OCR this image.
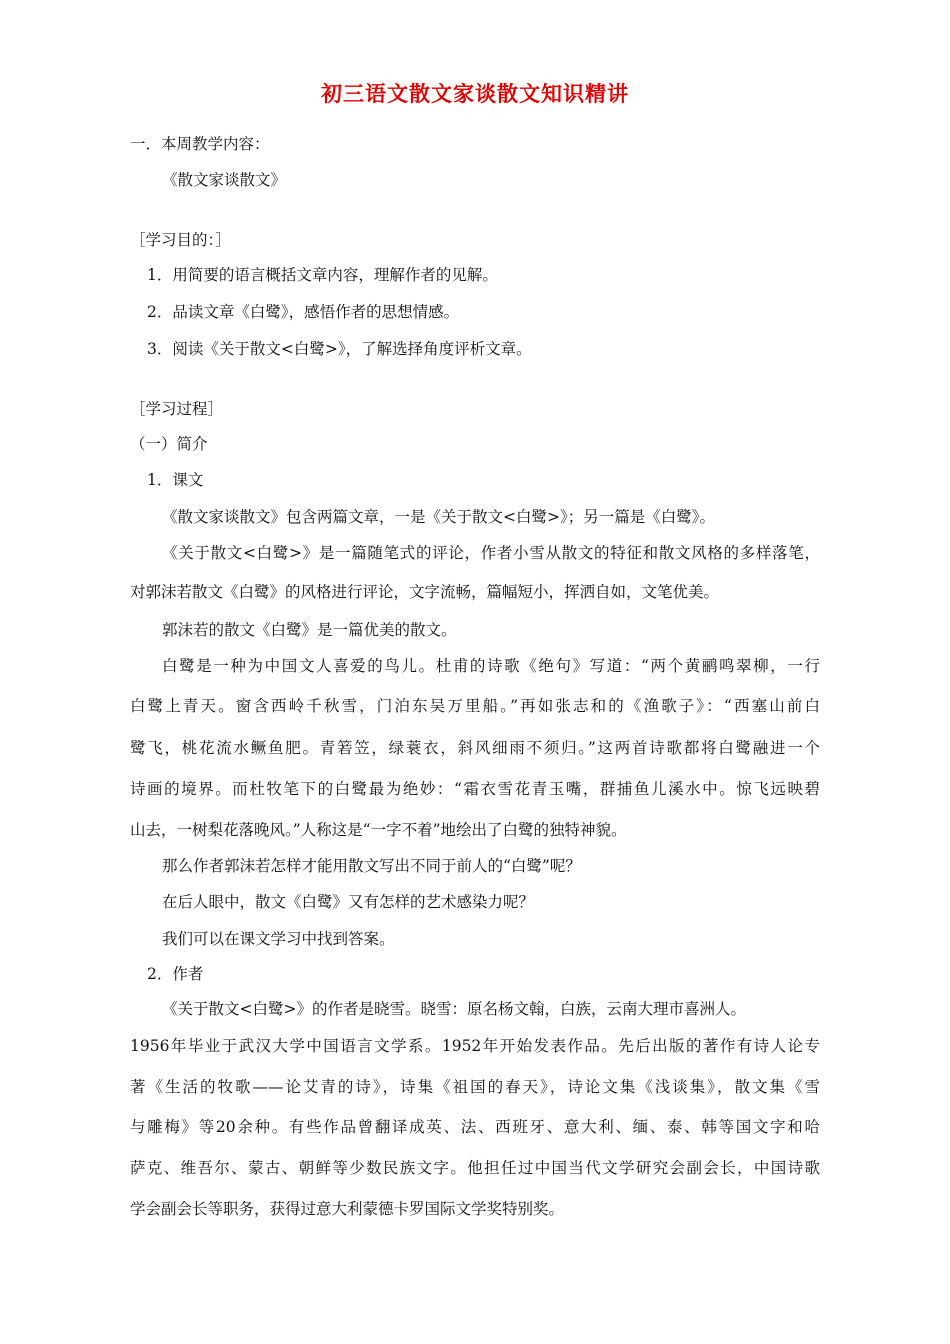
初三语文散文家谈散文知识精讲
一．本周教学内容：
《散文家谈散文》
［学习目的：］
1．用简要的语言概括文章内容，理解作者的见解。
2．品读文章《白鹭》，感悟作者的思想情感。
3．阅读《关于散文<白鹭>》，了解选择角度评析文章。
［学习过程］
（一）简介
1．课文
《散文家谈散文》包含两篇文章，一是《关于散文<白鹭>》；另一篇是《白鹭》。
《关于散文<白鹭>》是一篇随笔式的评论，作者小雪从散文的特征和散文风格的多样落笔，
对郭沫若散文《白鹭》的风格进行评论，文字流畅，篇幅短小，挥洒自如，文笔优美。
郭沫若的散文《白鹭》是一篇优美的散文。
白鹭是一种为中国文人喜爱的鸟儿。杜甫的诗歌《绝句》写道：“两个黄鹂鸣翠柳，一行
白鹭上青天。窗含西岭千秋雪，门泊东吴万里船。”再如张志和的《渔歌子》：“西塞山前白
鹭飞，桃花流水鳜鱼肥。青箬笠，绿蓑衣，斜风细雨不须归。”这两首诗歌都将白鹭融进一个
诗画的境界。而杜牧笔下的白鹭最为绝妙：“霜衣雪花青玉嘴，群捕鱼儿溪水中。惊飞远映碧
山去，一树梨花落晚风。”人称这是“一字不着”地绘出了白鹭的独特神貌。
那么作者郭沫若怎样才能用散文写出不同于前人的“白鹭”呢？
在后人眼中，散文《白鹭》又有怎样的艺术感染力呢？
我们可以在课文学习中找到答案。
2．作者
《关于散文<白鹭>》的作者是晓雪。晓雪：原名杨文翰，白族，云南大理市喜洲人。
1956年毕业于武汉大学中国语言文学系。1952年开始发表作品。先后出版的著作有诗人论专
著《生活的牧歌——论艾青的诗》，诗集《祖国的春天》，诗论文集《浅谈集》，散文集《雪
与雕梅》等20余种。有些作品曾翻译成英、法、西班牙、意大利、缅、泰、韩等国文字和哈
萨克、维吾尔、蒙古、朝鲜等少数民族文字。他担任过中国当代文学研究会副会长，中国诗歌
学会副会长等职务，获得过意大利蒙德卡罗国际文学奖特别奖。
